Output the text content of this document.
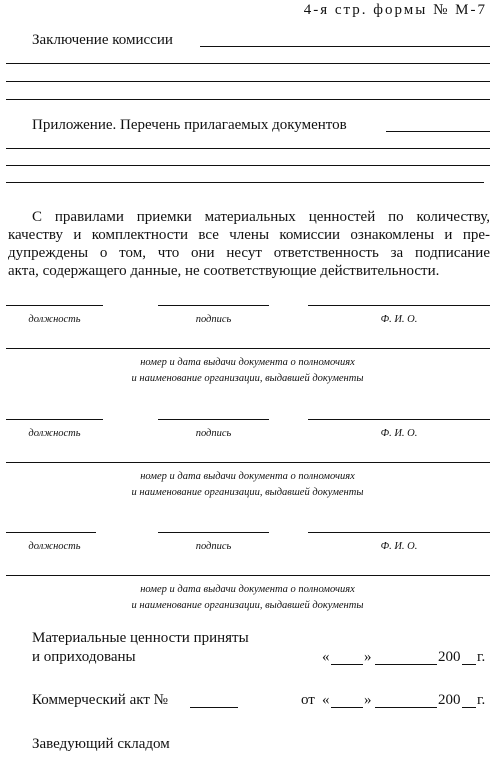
4-я стр. формы № М-7
Заключение комиссии
Приложение. Перечень прилагаемых документов
С правилами приемки материальных ценностей по количеству,
качеству и комплектности все члены комиссии ознакомлены и пре-
дупреждены о том, что они несут ответственность за подписание
акта, содержащего данные, не соответствующие действительности.
должность	подпись	Ф. И. О.
номер и дата выдачи документа о полномочиях
и наименование организации, выдавшей документы
должность	подпись	Ф. И. О.
номер и дата выдачи документа о полномочиях
и наименование организации, выдавшей документы
должность	подпись	Ф. И. О.
номер и дата выдачи документа о полномочиях
и наименование организации, выдавшей документы
Материальные ценности приняты
и оприходованы	« »	200 г.
Коммерческий акт №	от « »	200 г.
Заведующий складом
